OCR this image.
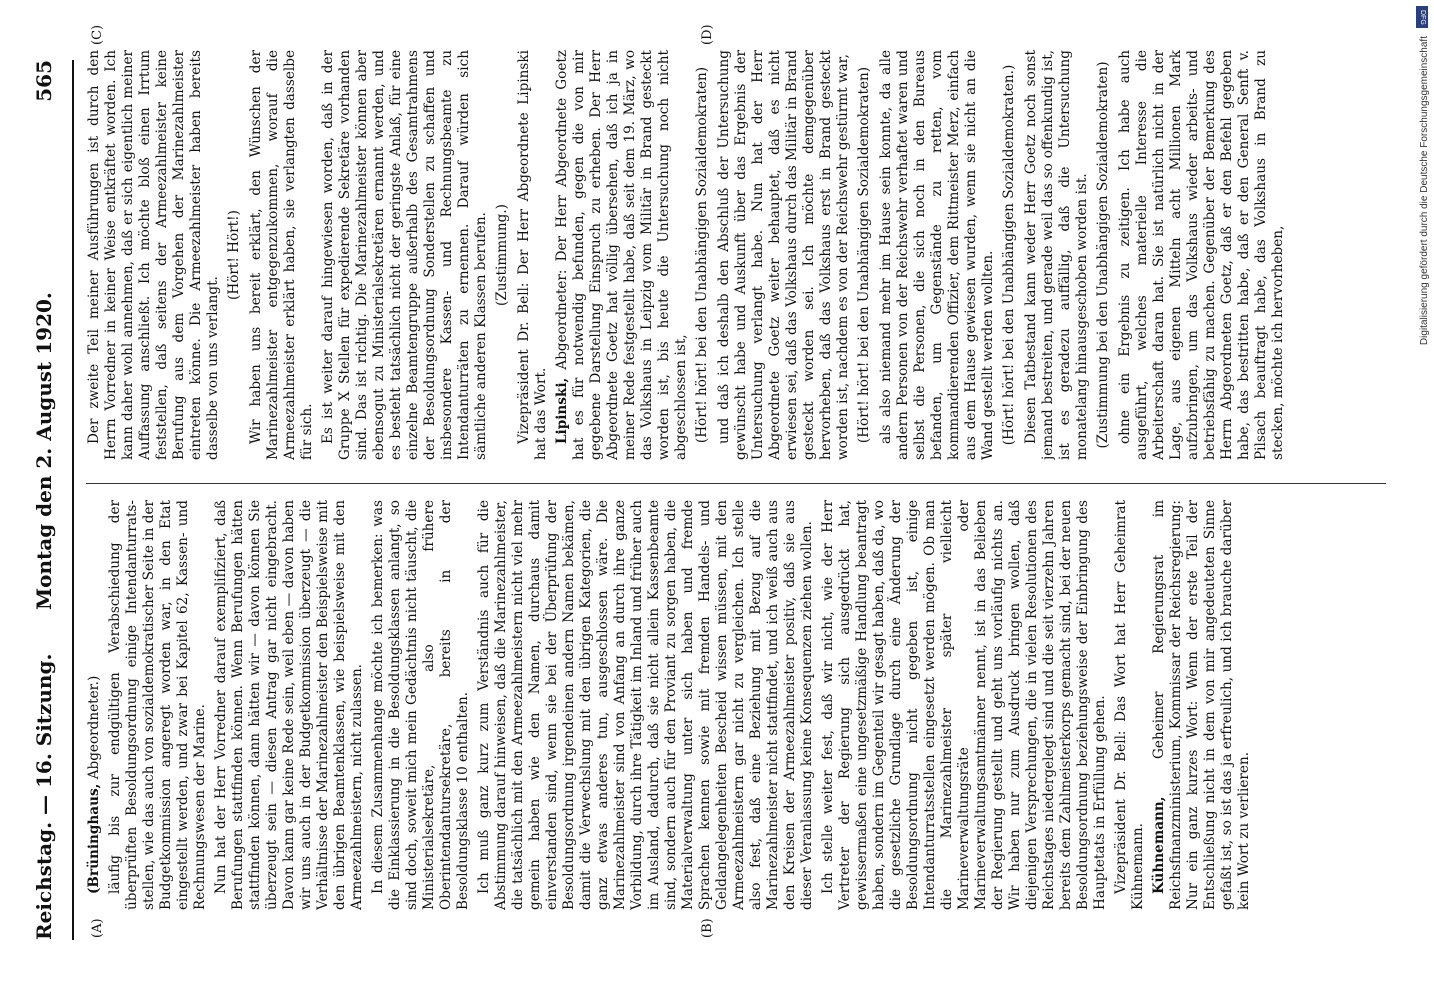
Reichstag. — 16. Sitzung.
Montag den 2. August 1920.
565
(A)	(B)
(C)	(D)

(Brüninghaus, Abgeordneter.) läufig bis zur endgültigen Verabschiedung der überprüften Besoldungsordnung einige Intendanturrats-stellen, wie das auch von sozialdemokratischer Seite in der Budgetkommission angeregt worden war, in den Etat eingestellt werden, und zwar bei Kapitel 62, Kassen- und Rechnungswesen der Marine. Nun hat der Herr Vorredner darauf exemplifiziert, daß Berufungen stattfinden können. Wenn Berufungen hätten stattfinden können, dann hätten wir — davon können Sie überzeugt sein — diesen Antrag gar nicht eingebracht. Davon kann gar keine Rede sein, weil eben — davon haben wir uns auch in der Budgetkommission überzeugt — die Verhältnisse der Marinezahlmeister den Beispielsweise mit den übrigen Beamtenklassen, wie beispielsweise mit den Armeezahlmeistern, nicht zulassen. In diesem Zusammenhange möchte ich bemerken: was die Einklassierung in die Besoldungsklassen anlangt, so sind doch, soweit mich mein Gedächtnis nicht täuscht, die Ministerialsekretäre, also frühere Oberintendantursekretäre, bereits in der Besoldungsklasse 10 enthalten. Ich muß ganz kurz zum Verständnis auch für die Abstimmung darauf hinweisen, daß die Marinezahlmeister, die tatsächlich mit den Armeezahlmeistern nicht viel mehr gemein haben wie den Namen, durchaus damit einverstanden sind, wenn sie bei der Überprüfung der Besoldungsordnung irgendeinen andern Namen bekämen, damit die Verwechslung mit den übrigen Kategorien, die ganz etwas anderes tun, ausgeschlossen wäre. Die Marinezahlmeister sind von Anfang an durch ihre ganze Vorbildung, durch ihre Tätigkeit im Inland und früher auch im Ausland, dadurch, daß sie nicht allein Kassenbeamte sind, sondern auch für den Proviant zu sorgen haben, die Materialverwaltung unter sich haben und fremde Sprachen kennen sowie mit fremden Handels- und Geldangelegenheiten Bescheid wissen müssen, mit den Armeezahlmeistern gar nicht zu vergleichen. Ich stelle also fest, daß eine Beziehung mit Bezug auf die Marinezahlmeister nicht stattfindet, und ich weiß auch aus den Kreisen der Armeezahlmeister positiv, daß sie aus dieser Veranlassung keine Konsequenzen ziehen wollen. Ich stelle weiter fest, daß wir nicht, wie der Herr Vertreter der Regierung sich ausgedrückt hat, gewissermaßen eine ungesetzmäßige Handlung beantragt haben, sondern im Gegenteil wir gesagt haben, daß da, wo die gesetzliche Grundlage durch eine Änderung der Besoldungsordnung nicht gegeben ist, einige Intendanturratsstellen eingesetzt werden mögen. Ob man die Marinezahlmeister später vielleicht Marineverwaltungsräte oder Marineverwaltungsamtmänner nennt, ist in das Belieben der Regierung gestellt und geht uns vorläufig nichts an. Wir haben nur zum Ausdruck bringen wollen, daß diejenigen Versprechungen, die in vielen Resolutionen des Reichstages niedergelegt sind und die seit vierzehn Jahren bereits dem Zahlmeisterkorps gemacht sind, bei der neuen Besoldungsordnung beziehungsweise der Einbringung des Hauptetats in Erfüllung gehen. Vizepräsident Dr. Bell: Das Wort hat Herr Geheimrat Kühnemann. Kühnemann, Geheimer Regierungsrat im Reichsfinanzministerium, Kommissar der Reichsregierung: Nur ein ganz kurzes Wort: Wenn der erste Teil der Entschließung nicht in dem von mir angedeuteten Sinne gefaßt ist, so ist das ja erfreulich, und ich brauche darüber kein Wort zu verlieren.

Der zweite Teil meiner Ausführungen ist durch den Herrn Vorredner in keiner Weise entkräftet worden. Ich kann daher wohl annehmen, daß er sich eigentlich meiner Auffassung anschließt. Ich möchte bloß einen Irrtum feststellen, daß seitens der Armeezahlmeister keine Berufung aus dem Vorgehen der Marinezahlmeister eintreten könne. Die Armeezahlmeister haben bereits dasselbe von uns verlangt.

(Hört! Hört!) Wir haben uns bereit erklärt, den Wünschen der Marinezahlmeister entgegenzukommen, worauf die Armeezahlmeister erklärt haben, sie verlangten dasselbe für sich. Es ist weiter darauf hingewiesen worden, daß in der Gruppe X Stellen für expedierende Sekretäre vorhanden sind. Das ist richtig. Die Marinezahlmeister können aber ebensogut zu Ministerialsekretären ernannt werden, und es besteht tatsächlich nicht der geringste Anlaß, für eine einzelne Beamtengruppe außerhalb des Gesamtrahmens der Besoldungsordnung Sonderstellen zu schaffen und insbesondere Kassen- und Rechnungsbeamte zu Intendanturräten zu ernennen. Darauf würden sich sämtliche anderen Klassen berufen. (Zustimmung.) Vizepräsident Dr. Bell: Der Herr Abgeordnete Lipinski hat das Wort. Lipinski, Abgeordneter: Der Herr Abgeordnete Goetz hat es für notwendig befunden, gegen die von mir gegebene Darstellung Einspruch zu erheben. Der Herr Abgeordnete Goetz hat völlig übersehen, daß ich ja in meiner Rede festgestellt habe, daß seit dem 19. März, wo das Volkshaus in Leipzig vom Militär in Brand gesteckt worden ist, bis heute die Untersuchung noch nicht abgeschlossen ist, (Hört! hört! bei den Unabhängigen Sozialdemokraten) und daß ich deshalb den Abschluß der Untersuchung gewünscht habe und Auskunft über das Ergebnis der Untersuchung verlangt habe. Nun hat der Herr Abgeordnete Goetz weiter behauptet, daß es nicht erwiesen sei, daß das Volkshaus durch das Militär in Brand gesteckt worden sei. Ich möchte demgegenüber hervorheben, daß das Volkshaus erst in Brand gesteckt worden ist, nachdem es von der Reichswehr gestürmt war, (Hört! hört! bei den Unabhängigen Sozialdemokraten) als also niemand mehr im Hause sein konnte, da alle andern Personen von der Reichswehr verhaftet waren und selbst die Personen, die sich noch in den Bureaus befanden, um Gegenstände zu retten, vom kommandierenden Offizier, dem Rittmeister Merz, einfach aus dem Hause gewiesen wurden, wenn sie nicht an die Wand gestellt werden wollten. (Hört! hört! bei den Unabhängigen Sozialdemokraten.) Diesen Tatbestand kann weder Herr Goetz noch sonst jemand bestreiten, und gerade weil das so offenkundig ist, ist es geradezu auffällig, daß die Untersuchung monatelang hinausgeschoben worden ist. (Zustimmung bei den Unabhängigen Sozialdemokraten) ohne ein Ergebnis zu zeitigen. Ich habe auch ausgeführt, welches materielle Interesse die Arbeiterschaft daran hat. Sie ist natürlich nicht in der Lage, aus eigenen Mitteln acht Millionen Mark aufzubringen, um das Volkshaus wieder arbeits- und betriebsfähig zu machen. Gegenüber der Bemerkung des Herrn Abgeordneten Goetz, daß er den Befehl gegeben habe, das bestritten habe, daß er den General Senft v. Pilsach beauftragt habe, das Volkshaus in Brand zu stecken, möchte ich hervorheben,

DFG
Digitalisierung gefördert durch die Deutsche Forschungsgemeinschaft
